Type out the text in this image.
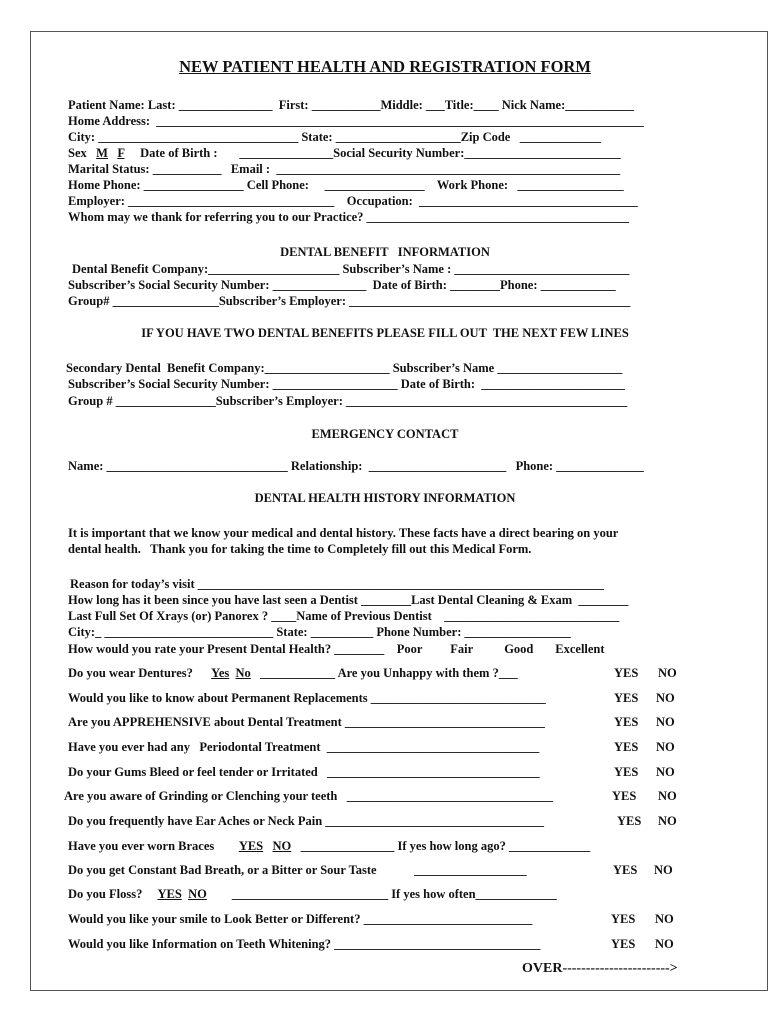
NEW PATIENT HEALTH AND REGISTRATION FORM
Patient Name: Last: _______________  First: ___________Middle: ___Title:____ Nick Name:___________
Home Address:  ______________________________________________________________________________
City: ________________________________ State: ____________________Zip Code   _____________
Sex   M F     Date of Birth :       _______________Social Security Number:_________________________
Marital Status: ___________   Email :  _______________________________________________________
Home Phone: ________________ Cell Phone:     ________________    Work Phone:   _________________
Employer: _________________________________    Occupation:  ___________________________________
Whom may we thank for referring you to our Practice? __________________________________________
DENTAL BENEFIT   INFORMATION
Dental Benefit Company:_____________________ Subscriber’s Name : ____________________________
Subscriber’s Social Security Number: _______________  Date of Birth: ________Phone: ____________
Group# _________________Subscriber’s Employer: _____________________________________________
IF YOU HAVE TWO DENTAL BENEFITS PLEASE FILL OUT  THE NEXT FEW LINES
Secondary Dental  Benefit Company:____________________ Subscriber’s Name ____________________
Subscriber’s Social Security Number: ____________________ Date of Birth:  _______________________
Group # ________________Subscriber’s Employer: _____________________________________________
EMERGENCY CONTACT
Name: _____________________________ Relationship:  ______________________   Phone: ______________
DENTAL HEALTH HISTORY INFORMATION
It is important that we know your medical and dental history. These facts have a direct bearing on your
dental health.   Thank you for taking the time to Completely fill out this Medical Form.
Reason for today’s visit _________________________________________________________________
How long has it been since you have last seen a Dentist ________Last Dental Cleaning & Exam  ________
Last Full Set Of Xrays (or) Panorex ? ____Name of Previous Dentist    ____________________________
City:_ ___________________________ State: __________ Phone Number: _________________
How would you rate your Present Dental Health? ________    Poor         Fair          Good       Excellent
Do you wear Dentures?      Yes No   ____________ Are you Unhappy with them ?___	YES NO
Would you like to know about Permanent Replacements ____________________________	YES NO
Are you APPREHENSIVE about Dental Treatment ________________________________	YES NO
Have you ever had any   Periodontal Treatment  __________________________________	YES NO
Do your Gums Bleed or feel tender or Irritated   __________________________________	YES NO
Are you aware of Grinding or Clenching your teeth   _________________________________	YES NO
Do you frequently have Ear Aches or Neck Pain ___________________________________	YES NO
Have you ever worn Braces        YES NO   _______________ If yes how long ago? _____________
Do you get Constant Bad Breath, or a Bitter or Sour Taste            __________________	YES NO
Do you Floss?     YES NO        _________________________ If yes how often_____________
Would you like your smile to Look Better or Different? ___________________________	YES NO
Would you like Information on Teeth Whitening? _________________________________	YES NO
OVER----------------------->
